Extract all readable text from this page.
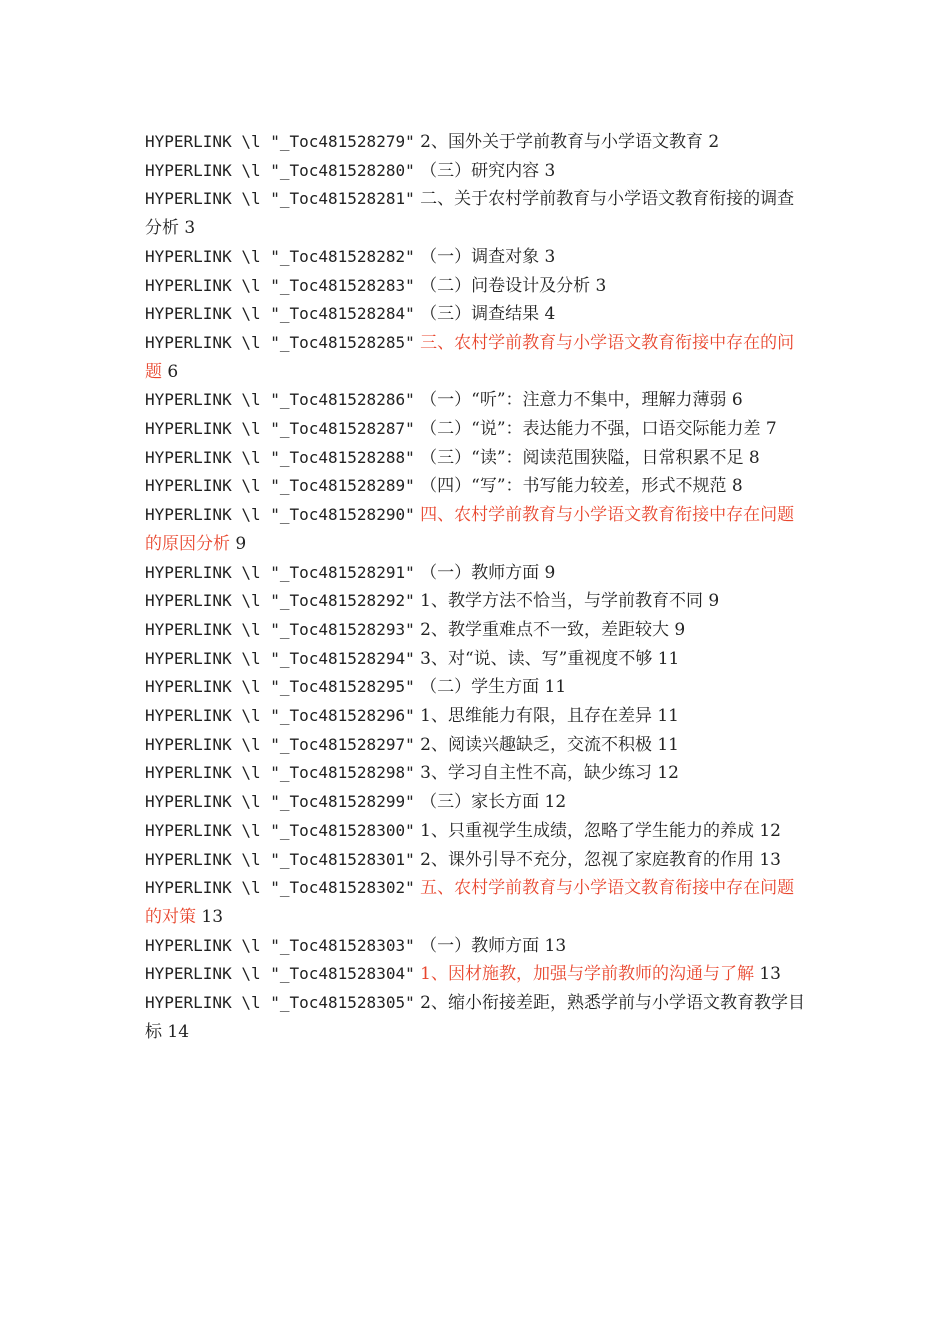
HYPERLINK \l "_Toc481528279" 2、国外关于学前教育与小学语文教育 2

HYPERLINK \l "_Toc481528280" （三）研究内容 3

HYPERLINK \l "_Toc481528281" 二、关于农村学前教育与小学语文教育衔接的调查分析 3

HYPERLINK \l "_Toc481528282" （一）调查对象 3

HYPERLINK \l "_Toc481528283" （二）问卷设计及分析 3

HYPERLINK \l "_Toc481528284" （三）调查结果 4

HYPERLINK \l "_Toc481528285" 三、农村学前教育与小学语文教育衔接中存在的问题 6

HYPERLINK \l "_Toc481528286" （一）“听”：注意力不集中，理解力薄弱 6

HYPERLINK \l "_Toc481528287" （二）“说”：表达能力不强，口语交际能力差 7

HYPERLINK \l "_Toc481528288" （三）“读”：阅读范围狭隘，日常积累不足 8

HYPERLINK \l "_Toc481528289" （四）“写”：书写能力较差，形式不规范 8

HYPERLINK \l "_Toc481528290" 四、农村学前教育与小学语文教育衔接中存在问题的原因分析 9

HYPERLINK \l "_Toc481528291" （一）教师方面 9

HYPERLINK \l "_Toc481528292" 1、教学方法不恰当，与学前教育不同 9

HYPERLINK \l "_Toc481528293" 2、教学重难点不一致，差距较大 9

HYPERLINK \l "_Toc481528294" 3、对“说、读、写”重视度不够 11

HYPERLINK \l "_Toc481528295" （二）学生方面 11

HYPERLINK \l "_Toc481528296" 1、思维能力有限，且存在差异 11

HYPERLINK \l "_Toc481528297" 2、阅读兴趣缺乏，交流不积极 11

HYPERLINK \l "_Toc481528298" 3、学习自主性不高，缺少练习 12

HYPERLINK \l "_Toc481528299" （三）家长方面 12

HYPERLINK \l "_Toc481528300" 1、只重视学生成绩，忽略了学生能力的养成 12

HYPERLINK \l "_Toc481528301" 2、课外引导不充分，忽视了家庭教育的作用 13

HYPERLINK \l "_Toc481528302" 五、农村学前教育与小学语文教育衔接中存在问题的对策 13

HYPERLINK \l "_Toc481528303" （一）教师方面 13

HYPERLINK \l "_Toc481528304" 1、因材施教，加强与学前教师的沟通与了解 13

HYPERLINK \l "_Toc481528305" 2、缩小衔接差距，熟悉学前与小学语文教育教学目标 14
